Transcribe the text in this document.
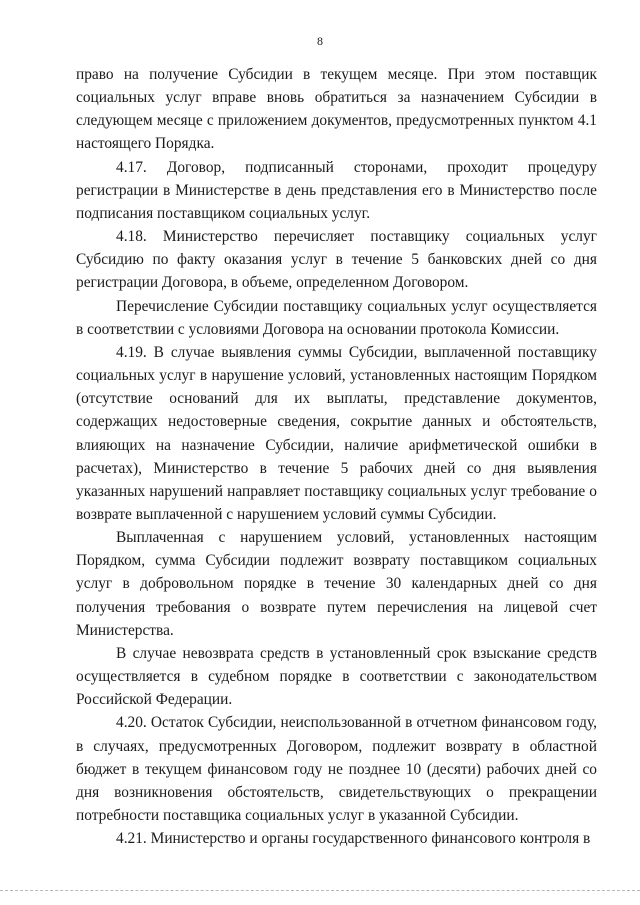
8

право на получение Субсидии в текущем месяце. При этом поставщик социальных услуг вправе вновь обратиться за назначением Субсидии в следующем месяце с приложением документов, предусмотренных пунктом 4.1 настоящего Порядка.

4.17. Договор, подписанный сторонами, проходит процедуру регистрации в Министерстве в день представления его в Министерство после подписания поставщиком социальных услуг.

4.18. Министерство перечисляет поставщику социальных услуг Субсидию по факту оказания услуг в течение 5 банковских дней со дня регистрации Договора, в объеме, определенном Договором.

Перечисление Субсидии поставщику социальных услуг осуществляется в соответствии с условиями Договора на основании протокола Комиссии.

4.19. В случае выявления суммы Субсидии, выплаченной поставщику социальных услуг в нарушение условий, установленных настоящим Порядком (отсутствие оснований для их выплаты, представление документов, содержащих недостоверные сведения, сокрытие данных и обстоятельств, влияющих на назначение Субсидии, наличие арифметической ошибки в расчетах), Министерство в течение 5 рабочих дней со дня выявления указанных нарушений направляет поставщику социальных услуг требование о возврате выплаченной с нарушением условий суммы Субсидии.

Выплаченная с нарушением условий, установленных настоящим Порядком, сумма Субсидии подлежит возврату поставщиком социальных услуг в добровольном порядке в течение 30 календарных дней со дня получения требования о возврате путем перечисления на лицевой счет Министерства.

В случае невозврата средств в установленный срок взыскание средств осуществляется в судебном порядке в соответствии с законодательством Российской Федерации.

4.20. Остаток Субсидии, неиспользованной в отчетном финансовом году, в случаях, предусмотренных Договором, подлежит возврату в областной бюджет в текущем финансовом году не позднее 10 (десяти) рабочих дней со дня возникновения обстоятельств, свидетельствующих о прекращении потребности поставщика социальных услуг в указанной Субсидии.

4.21. Министерство и органы государственного финансового контроля в
